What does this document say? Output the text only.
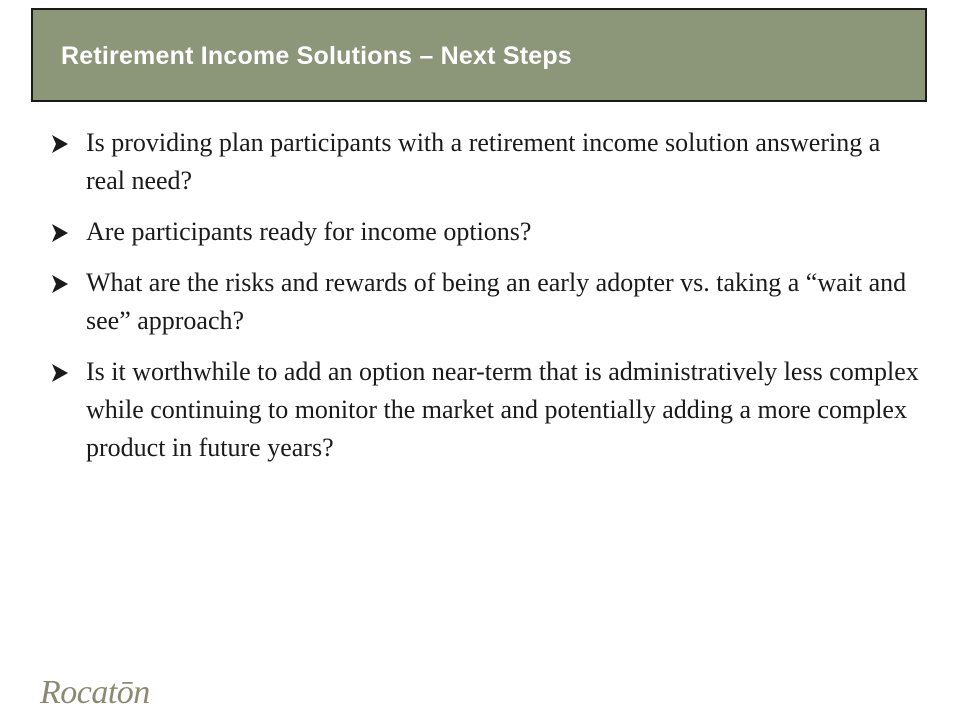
Retirement Income Solutions – Next Steps
Is providing plan participants with a retirement income solution answering a real need?
Are participants ready for income options?
What are the risks and rewards of being an early adopter vs. taking a “wait and see” approach?
Is it worthwhile to add an option near-term that is administratively less complex while continuing to monitor the market and potentially adding a more complex product in future years?
Rocatōn
